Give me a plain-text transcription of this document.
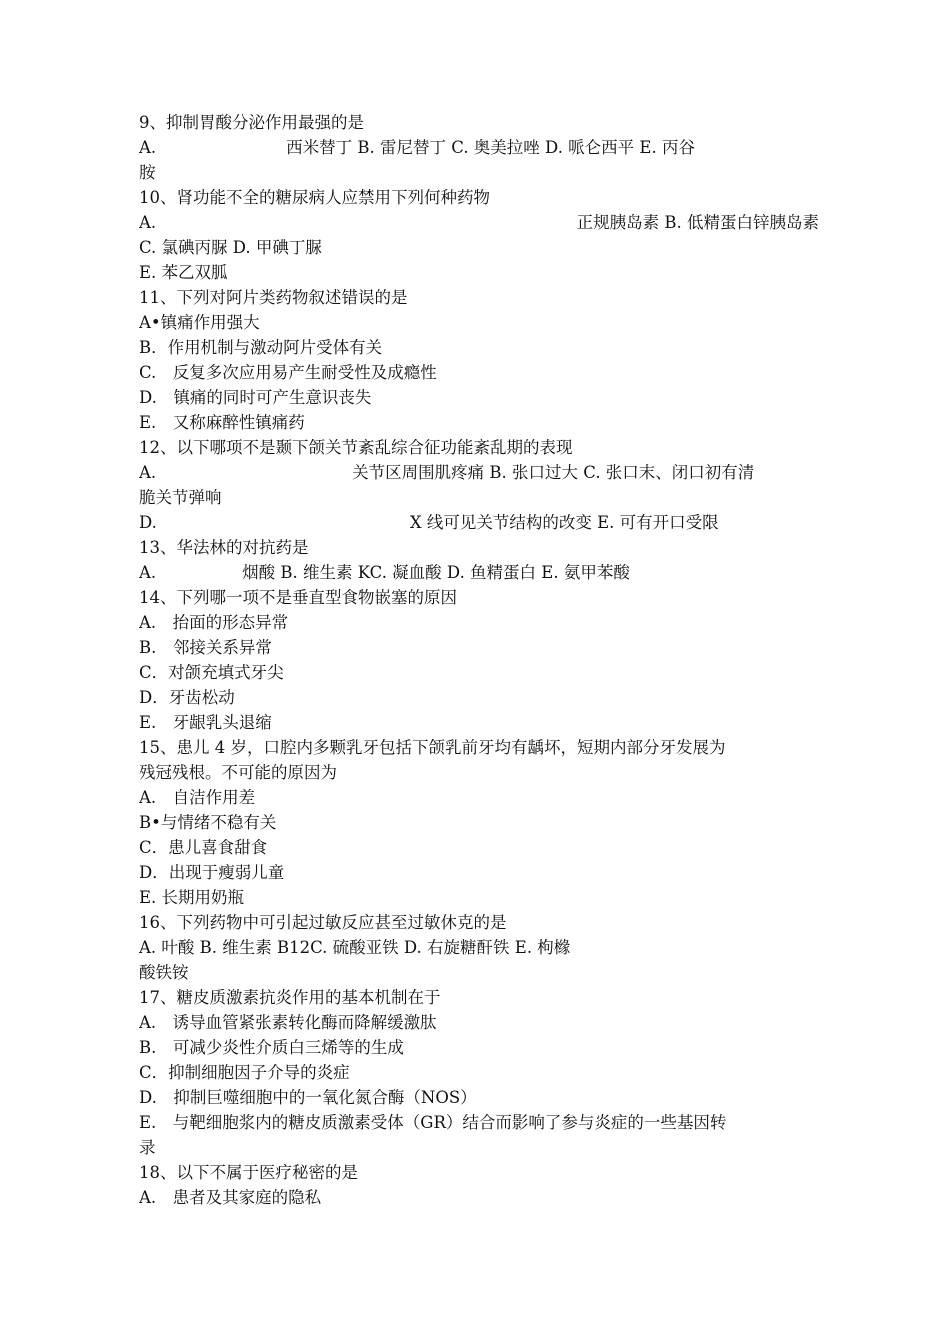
9、抑制胃酸分泌作用最强的是
A.	西米替丁 B. 雷尼替丁 C. 奥美拉唑 D. 哌仑西平 E. 丙谷
胺
10、肾功能不全的糖尿病人应禁用下列何种药物
A.	正规胰岛素 B. 低精蛋白锌胰岛素
C. 氯碘丙脲 D. 甲碘丁脲
E. 苯乙双胍
11、下列对阿片类药物叙述错误的是
A•镇痛作用强大
B．作用机制与激动阿片受体有关
C.　反复多次应用易产生耐受性及成瘾性
D.　镇痛的同时可产生意识丧失
E.　又称麻醉性镇痛药
12、以下哪项不是颞下颌关节紊乱综合征功能紊乱期的表现
A.	关节区周围肌疼痛 B. 张口过大 C. 张口末、闭口初有清
脆关节弹响
D.	X 线可见关节结构的改变 E. 可有开口受限
13、华法林的对抗药是
A.	烟酸 B. 维生素 KC. 凝血酸 D. 鱼精蛋白 E. 氨甲苯酸
14、下列哪一项不是垂直型食物嵌塞的原因
A.　抬面的形态异常
B.　邻接关系异常
C．对颌充填式牙尖
D．牙齿松动
E.　牙龈乳头退缩
15、患儿 4 岁，口腔内多颗乳牙包括下颌乳前牙均有龋坏，短期内部分牙发展为
残冠残根。不可能的原因为
A.　自洁作用差
B•与情绪不稳有关
C．患儿喜食甜食
D．出现于瘦弱儿童
E. 长期用奶瓶
16、下列药物中可引起过敏反应甚至过敏休克的是
A. 叶酸 B. 维生素 B12C. 硫酸亚铁 D. 右旋糖酐铁 E. 枸橼
酸铁铵
17、糖皮质激素抗炎作用的基本机制在于
A.　诱导血管紧张素转化酶而降解缓激肽
B.　可减少炎性介质白三烯等的生成
C．抑制细胞因子介导的炎症
D.　抑制巨噬细胞中的一氧化氮合酶（NOS）
E.　与靶细胞浆内的糖皮质激素受体（GR）结合而影响了参与炎症的一些基因转
录
18、以下不属于医疗秘密的是
A.　患者及其家庭的隐私
